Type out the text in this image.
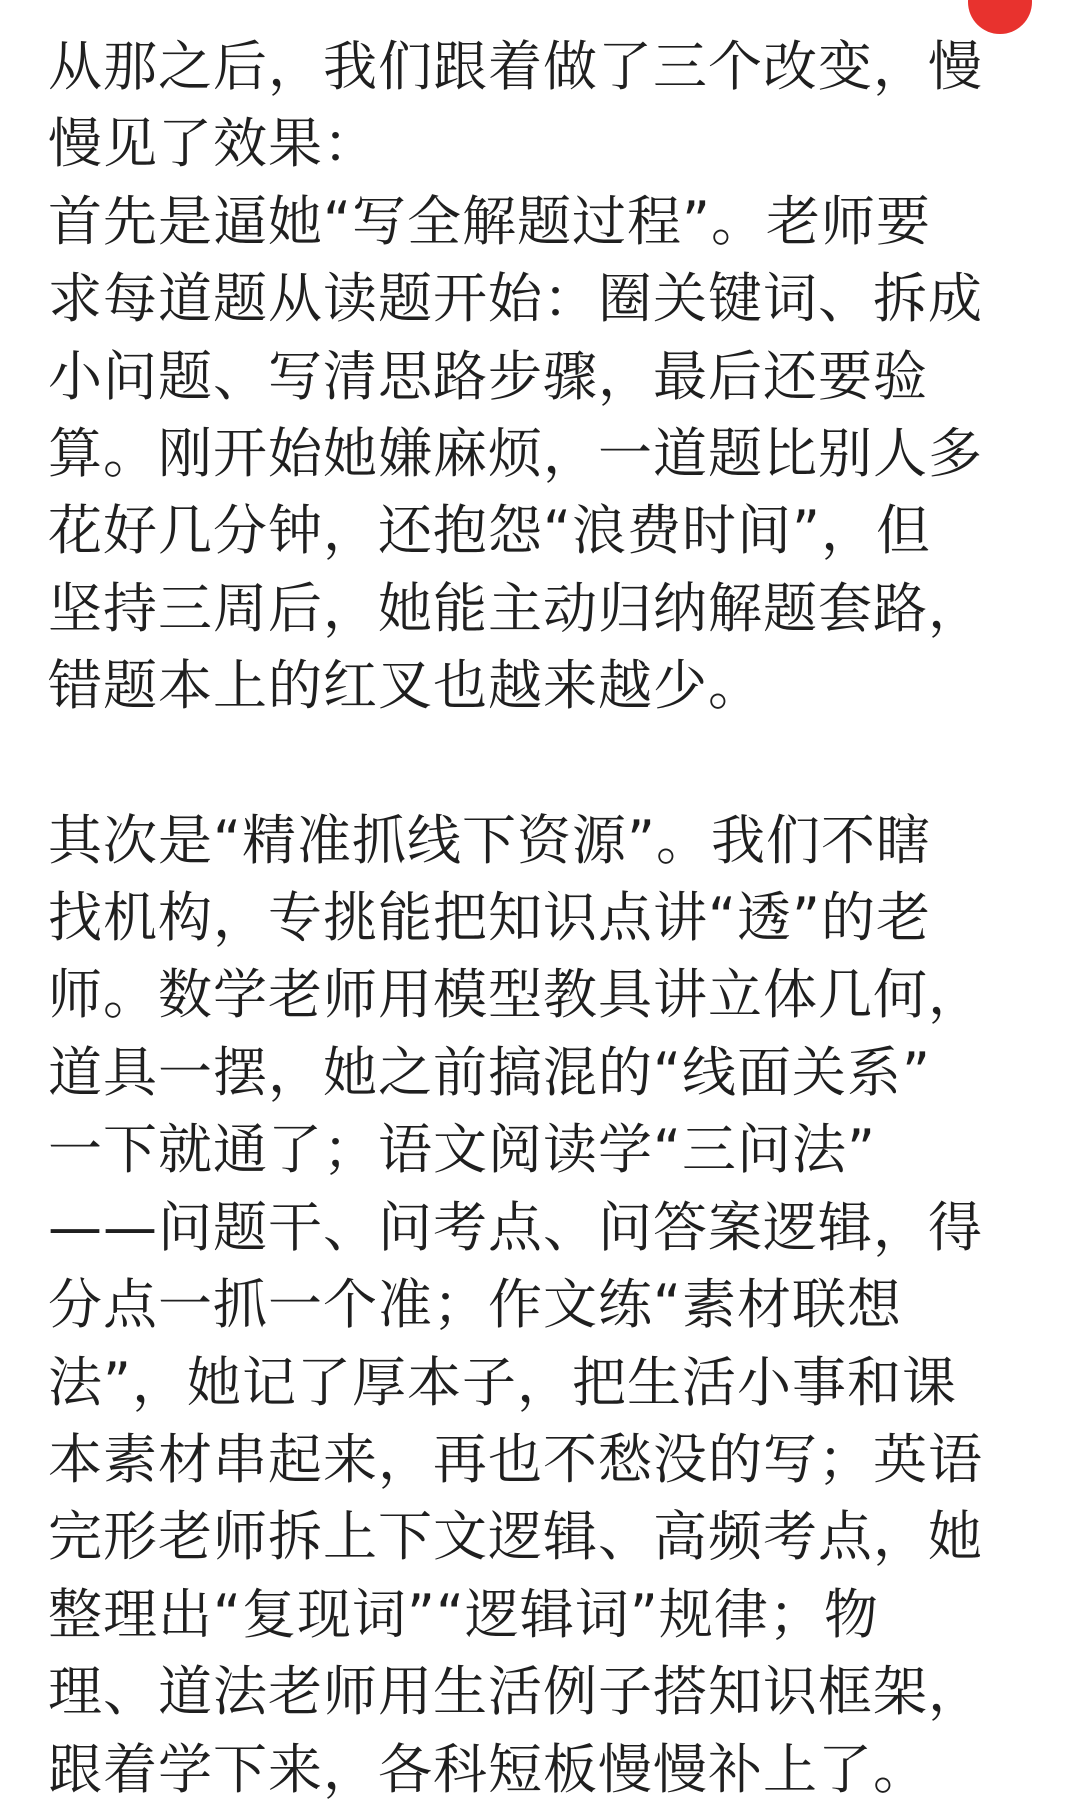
从那之后，我们跟着做了三个改变，慢
慢见了效果：

首先是逼她“写全解题过程”。老师要
求每道题从读题开始：圈关键词、拆成
小问题、写清思路步骤，最后还要验
算。刚开始她嫌麻烦，一道题比别人多
花好几分钟，还抱怨“浪费时间”，但
坚持三周后，她能主动归纳解题套路，
错题本上的红叉也越来越少。

其次是“精准抓线下资源”。我们不瞎
找机构，专挑能把知识点讲“透”的老
师。数学老师用模型教具讲立体几何，
道具一摆，她之前搞混的“线面关系”
一下就通了；语文阅读学“三问法”
——问题干、问考点、问答案逻辑，得
分点一抓一个准；作文练“素材联想
法”，她记了厚本子，把生活小事和课
本素材串起来，再也不愁没的写；英语
完形老师拆上下文逻辑、高频考点，她
整理出“复现词”“逻辑词”规律；物
理、道法老师用生活例子搭知识框架，
跟着学下来，各科短板慢慢补上了。
